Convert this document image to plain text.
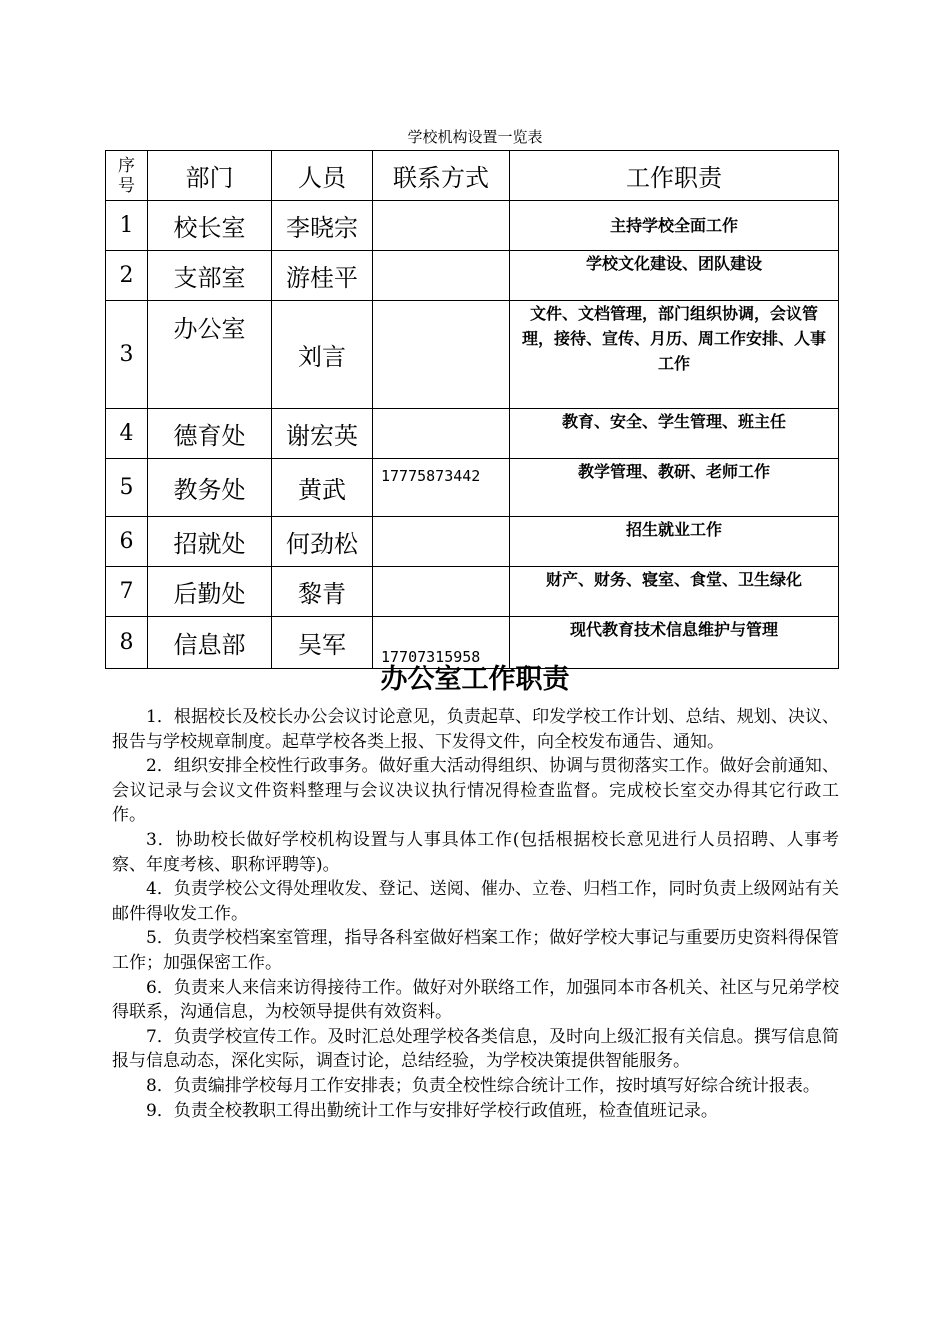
学校机构设置一览表
序号	部门	人员	联系方式	工作职责
1	校长室	李晓宗		主持学校全面工作
2	支部室	游桂平		学校文化建设、团队建设
3	办公室	刘言		文件、文档管理，部门组织协调，会议管理，接待、宣传、月历、周工作安排、人事工作
4	德育处	谢宏英		教育、安全、学生管理、班主任
5	教务处	黄武	17775873442	教学管理、教研、老师工作
6	招就处	何劲松		招生就业工作
7	后勤处	黎青		财产、财务、寝室、食堂、卫生绿化
8	信息部	吴军	17707315958	现代教育技术信息维护与管理
办公室工作职责

1．根据校长及校长办公会议讨论意见，负责起草、印发学校工作计划、总结、规划、决议、报告与学校规章制度。起草学校各类上报、下发得文件，向全校发布通告、通知。

2．组织安排全校性行政事务。做好重大活动得组织、协调与贯彻落实工作。做好会前通知、会议记录与会议文件资料整理与会议决议执行情况得检查监督。完成校长室交办得其它行政工作。

3．协助校长做好学校机构设置与人事具体工作(包括根据校长意见进行人员招聘、人事考察、年度考核、职称评聘等)。

4．负责学校公文得处理收发、登记、送阅、催办、立卷、归档工作，同时负责上级网站有关邮件得收发工作。

5．负责学校档案室管理，指导各科室做好档案工作；做好学校大事记与重要历史资料得保管工作；加强保密工作。

6．负责来人来信来访得接待工作。做好对外联络工作，加强同本市各机关、社区与兄弟学校得联系，沟通信息，为校领导提供有效资料。

7．负责学校宣传工作。及时汇总处理学校各类信息，及时向上级汇报有关信息。撰写信息简报与信息动态，深化实际，调查讨论，总结经验，为学校决策提供智能服务。

8．负责编排学校每月工作安排表；负责全校性综合统计工作，按时填写好综合统计报表。

9．负责全校教职工得出勤统计工作与安排好学校行政值班，检查值班记录。
